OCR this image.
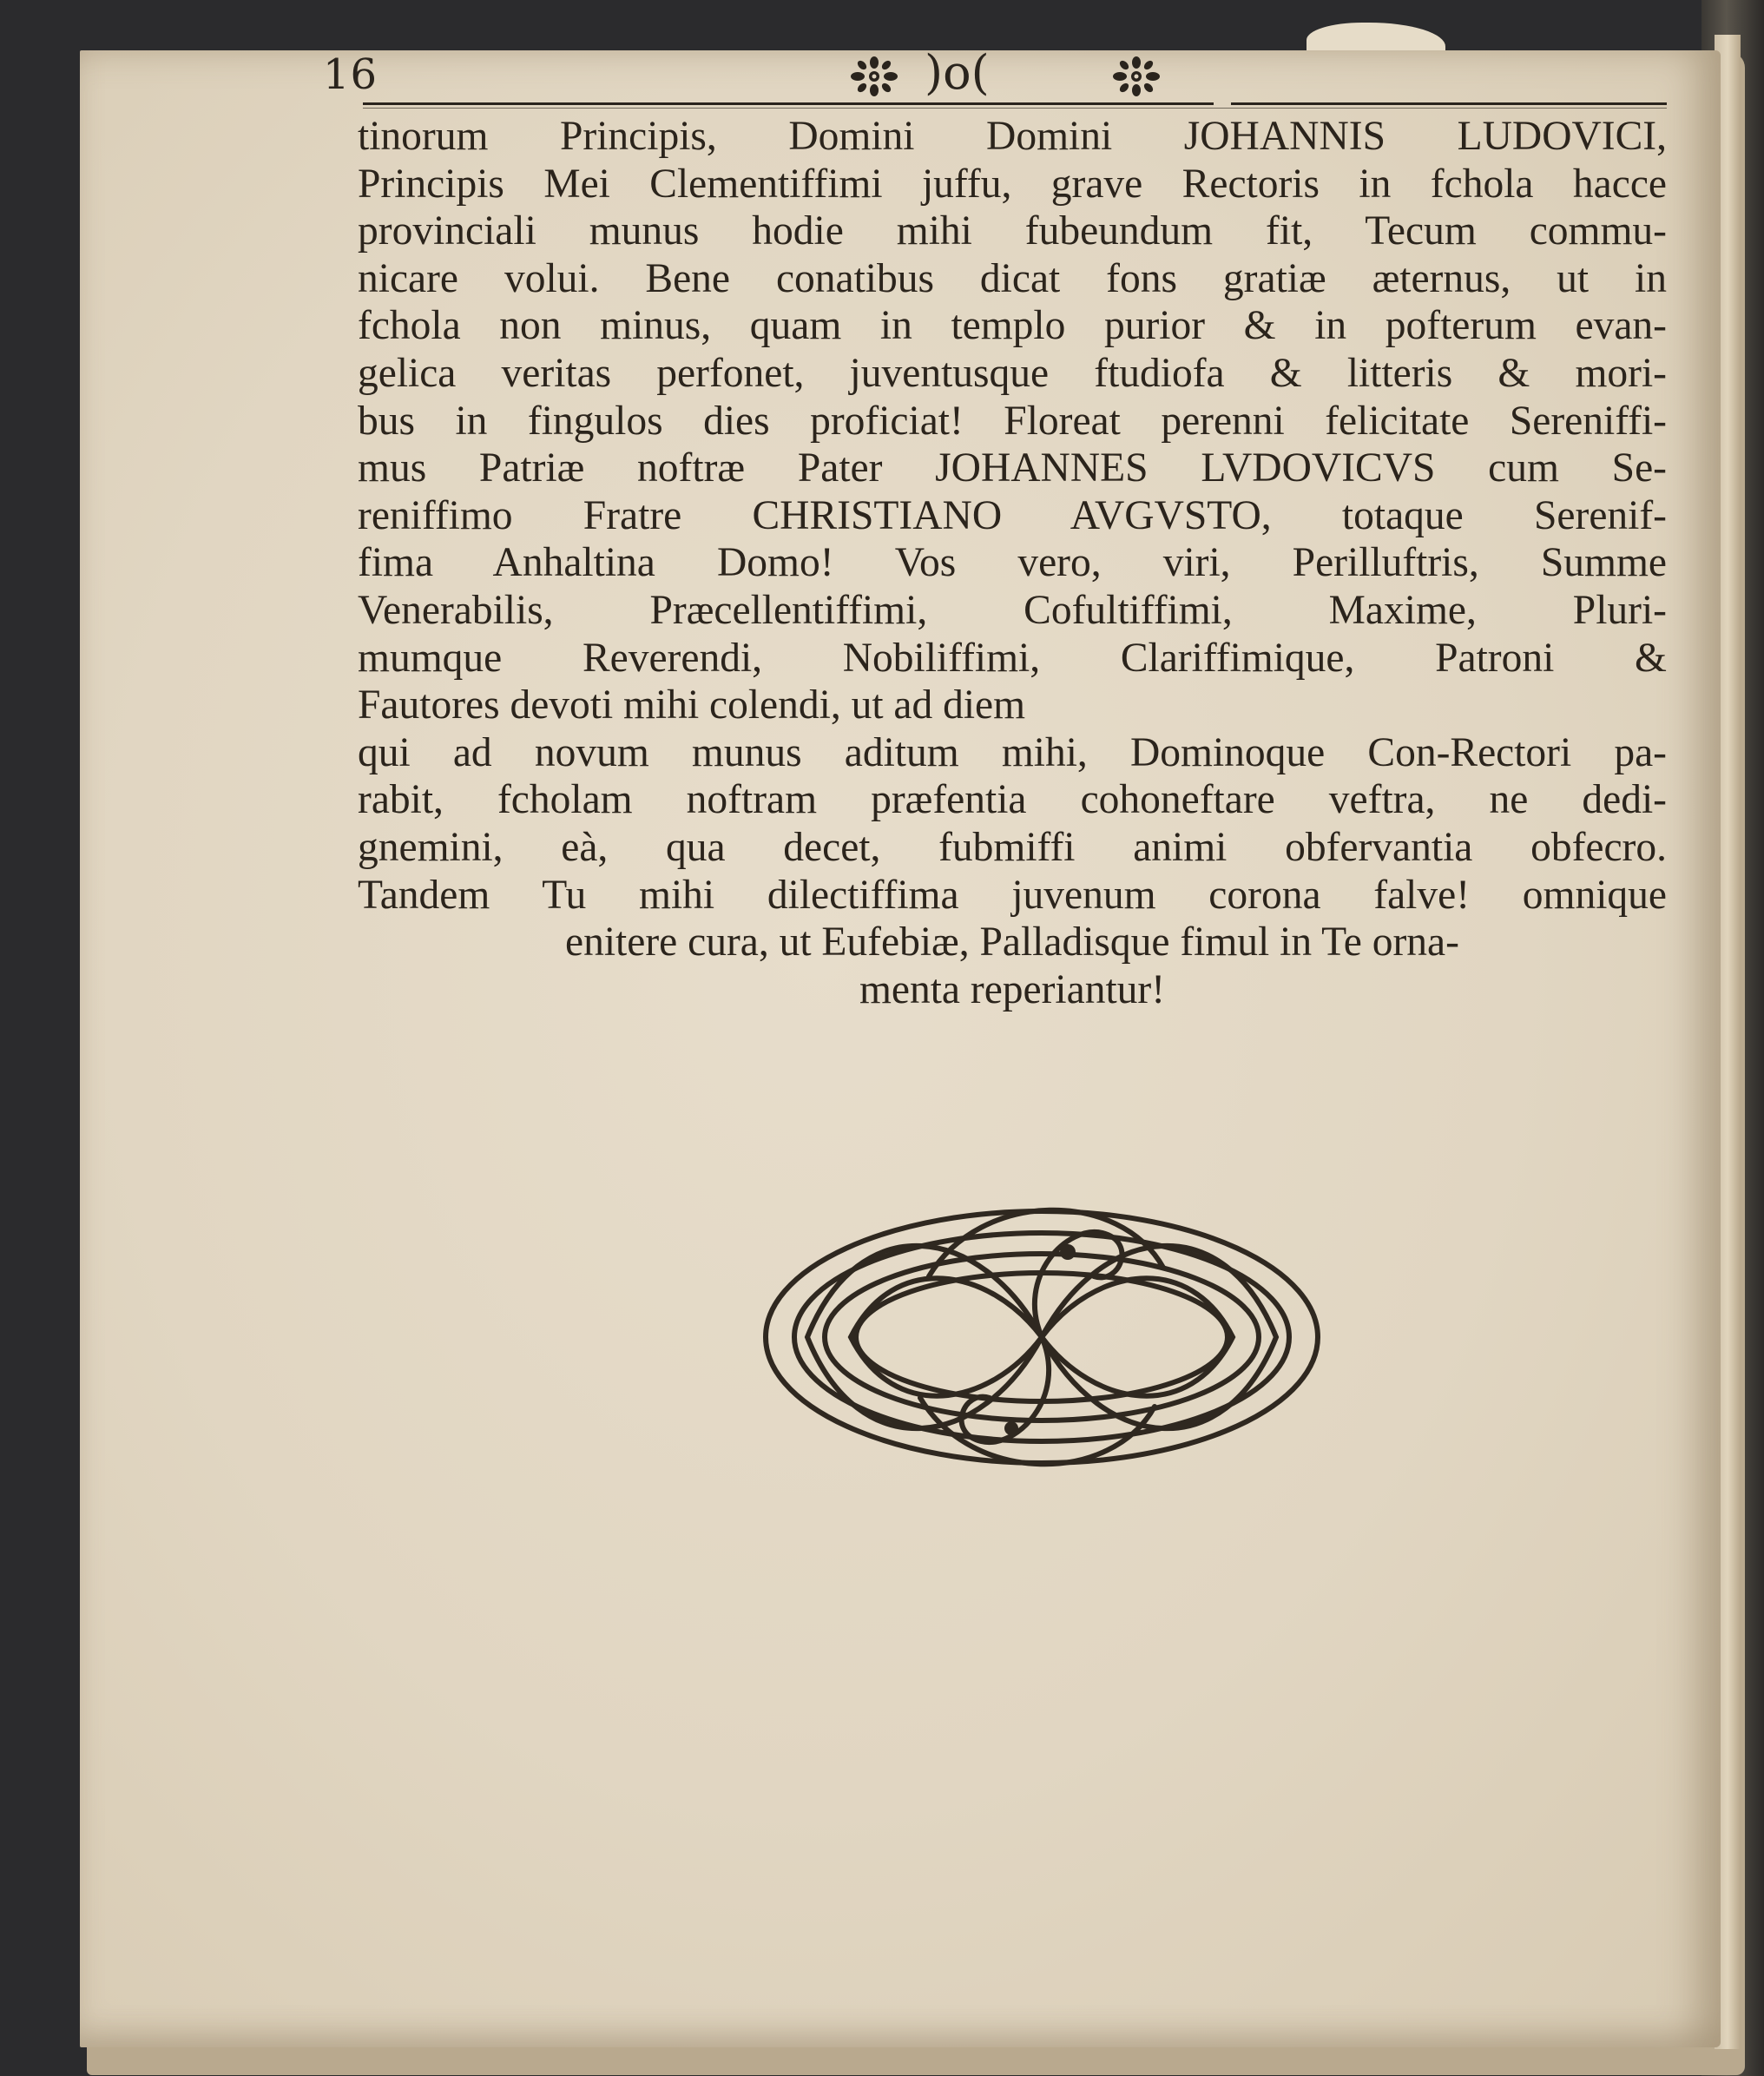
16	)o(
tinorum Principis, Domini Domini JOHANNIS LUDOVICI,
Principis Mei Clementiffimi juffu, grave Rectoris in fchola hacce
provinciali munus hodie mihi fubeundum fit, Tecum commu-
nicare volui. Bene conatibus dicat fons gratiæ æternus, ut in
fchola non minus, quam in templo purior & in pofterum evan-
gelica veritas perfonet, juventusque ftudiofa & litteris & mori-
bus in fingulos dies proficiat! Floreat perenni felicitate Sereniffi-
mus Patriæ noftræ Pater JOHANNES LVDOVICVS cum Se-
reniffimo Fratre CHRISTIANO AVGVSTO, totaque Serenif-
fima Anhaltina Domo! Vos vero, viri, Perilluftris, Summe
Venerabilis, Præcellentiffimi, Cofultiffimi, Maxime, Pluri-
mumque Reverendi, Nobiliffimi, Clariffimique, Patroni &
Fautores devoti mihi colendi, ut ad diem
qui ad novum munus aditum mihi, Dominoque Con-Rectori pa-
rabit, fcholam noftram præfentia cohoneftare veftra, ne dedi-
gnemini, eà, qua decet, fubmiffi animi obfervantia obfecro.
Tandem Tu mihi dilectiffima juvenum corona falve! omnique
enitere cura, ut Eufebiæ, Palladisque fimul in Te orna-
menta reperiantur!
